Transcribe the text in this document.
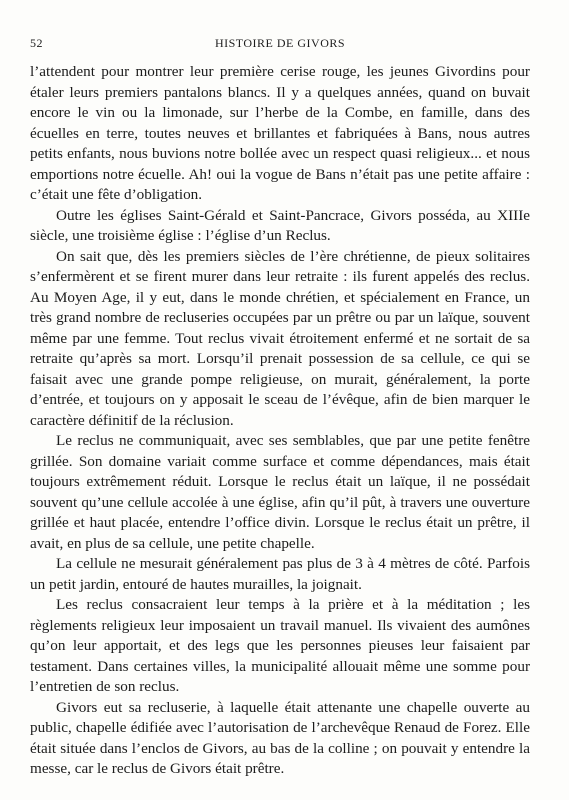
52	HISTOIRE DE GIVORS

l’attendent pour montrer leur première cerise rouge, les jeunes Givordins pour étaler leurs premiers pantalons blancs. Il y a quelques années, quand on buvait encore le vin ou la limonade, sur l’herbe de la Combe, en famille, dans des écuelles en terre, toutes neuves et brillantes et fabriquées à Bans, nous autres petits enfants, nous buvions notre bollée avec un respect quasi religieux... et nous emportions notre écuelle. Ah! oui la vogue de Bans n’était pas une petite affaire : c’était une fête d’obligation.

Outre les églises Saint-Gérald et Saint-Pancrace, Givors posséda, au XIIIe siècle, une troisième église : l’église d’un Reclus.

On sait que, dès les premiers siècles de l’ère chrétienne, de pieux solitaires s’enfermèrent et se firent murer dans leur retraite : ils furent appelés des reclus. Au Moyen Age, il y eut, dans le monde chrétien, et spécialement en France, un très grand nombre de recluseries occupées par un prêtre ou par un laïque, souvent même par une femme. Tout reclus vivait étroitement enfermé et ne sortait de sa retraite qu’après sa mort. Lorsqu’il prenait possession de sa cellule, ce qui se faisait avec une grande pompe religieuse, on murait, généralement, la porte d’entrée, et toujours on y apposait le sceau de l’évêque, afin de bien marquer le caractère définitif de la réclusion.

Le reclus ne communiquait, avec ses semblables, que par une petite fenêtre grillée. Son domaine variait comme surface et comme dépendances, mais était toujours extrêmement réduit. Lorsque le reclus était un laïque, il ne possédait souvent qu’une cellule accolée à une église, afin qu’il pût, à travers une ouverture grillée et haut placée, entendre l’office divin. Lorsque le reclus était un prêtre, il avait, en plus de sa cellule, une petite chapelle.

La cellule ne mesurait généralement pas plus de 3 à 4 mètres de côté. Parfois un petit jardin, entouré de hautes murailles, la joignait.

Les reclus consacraient leur temps à la prière et à la méditation ; les règlements religieux leur imposaient un travail manuel. Ils vivaient des aumônes qu’on leur apportait, et des legs que les personnes pieuses leur faisaient par testament. Dans certaines villes, la municipalité allouait même une somme pour l’entretien de son reclus.

Givors eut sa recluserie, à laquelle était attenante une chapelle ouverte au public, chapelle édifiée avec l’autorisation de l’archevêque Renaud de Forez. Elle était située dans l’enclos de Givors, au bas de la colline ; on pouvait y entendre la messe, car le reclus de Givors était prêtre.
